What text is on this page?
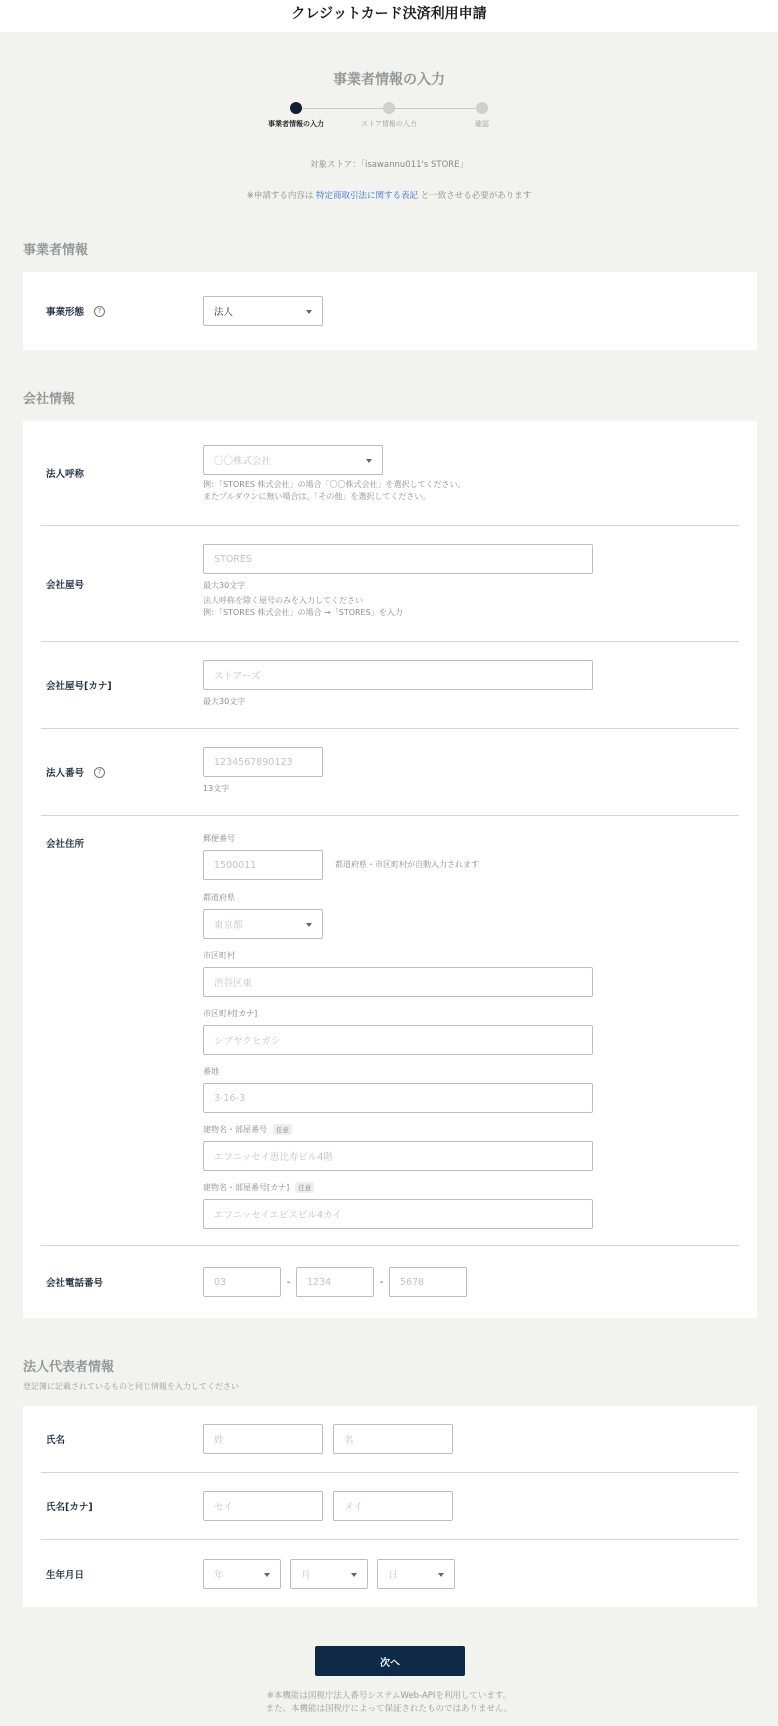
クレジットカード決済利用申請
事業者情報の入力
事業者情報の入力	ストア情報の入力	確認
対象ストア：「isawannu011's STORE」
※申請する内容は 特定商取引法に関する表記 と一致させる必要があります
事業者情報
事業形態	?	法人
会社情報
法人呼称
〇〇株式会社
例：「STORES 株式会社」の場合「〇〇株式会社」を選択してください。
またプルダウンに無い場合は、「その他」を選択してください。
会社屋号
STORES
最大30文字
法人呼称を除く屋号のみを入力してください
例：「STORES 株式会社」の場合 →「STORES」を入力
会社屋号[カナ]
ストアーズ
最大30文字
法人番号	?
1234567890123
13文字
会社住所
郵便番号
1500011	都道府県・市区町村が自動入力されます
都道府県
東京都
市区町村
渋谷区東
市区町村[カナ]
シブヤクヒガシ
番地
3-16-3
建物名・部屋番号	任意
エフニッセイ恵比寿ビル4階
建物名・部屋番号[カナ]	任意
エフニッセイエビスビル4カイ
会社電話番号	03	-	1234	-	5678
法人代表者情報
登記簿に記載されているものと同じ情報を入力してください
氏名	姓	名
氏名[カナ]	セイ	メイ
生年月日	年	月	日
次へ
※本機能は国税庁法人番号システムWeb-APIを利用しています。
また、本機能は国税庁によって保証されたものではありません。
